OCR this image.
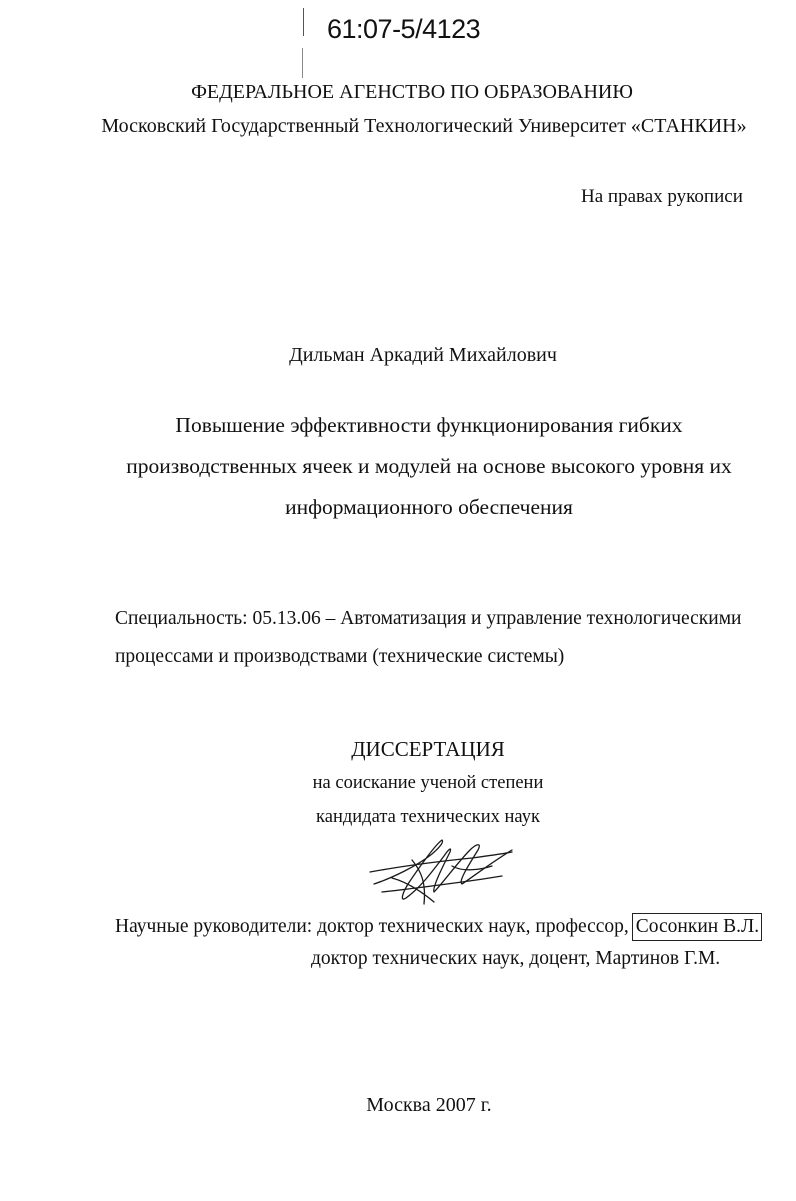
61:07-5/4123
ФЕДЕРАЛЬНОЕ АГЕНСТВО ПО ОБРАЗОВАНИЮ
Московский Государственный Технологический Университет «СТАНКИН»
На правах рукописи
Дильман Аркадий Михайлович
Повышение эффективности функционирования гибких
производственных ячеек и модулей на основе высокого уровня их
информационного обеспечения
Специальность: 05.13.06 – Автоматизация и управление технологическими
процессами и производствами (технические системы)
ДИССЕРТАЦИЯ
на соискание ученой степени
кандидата технических наук
Научные руководители: доктор технических наук, профессор, Сосонкин В.Л.
доктор технических наук, доцент, Мартинов Г.М.
Москва 2007 г.
